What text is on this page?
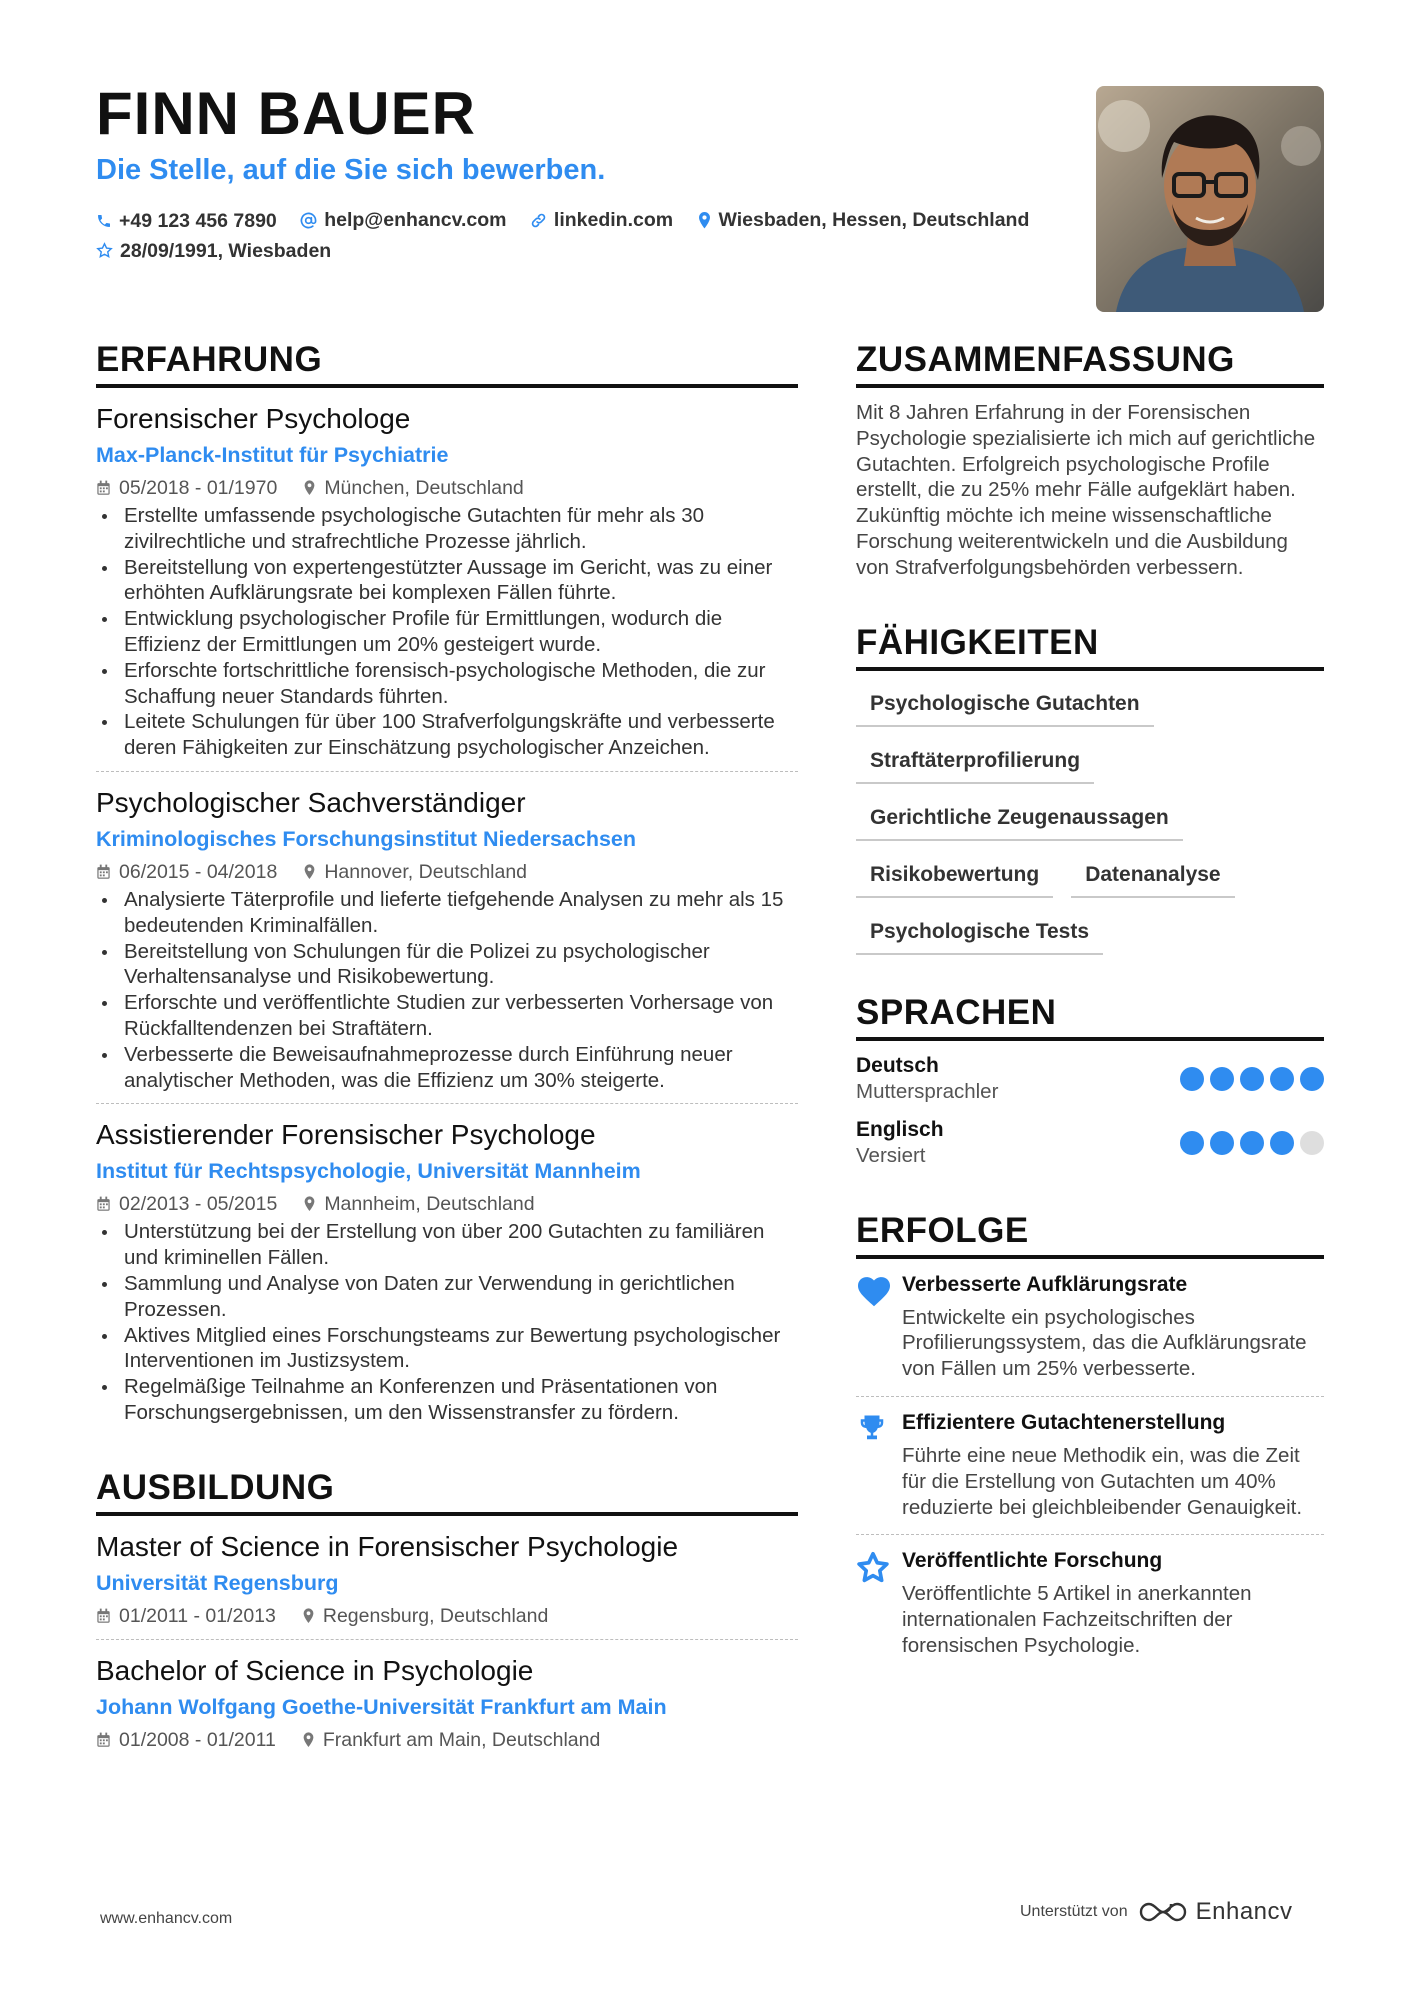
FINN BAUER
Die Stelle, auf die Sie sich bewerben.
+49 123 456 7890
help@enhancv.com
linkedin.com
Wiesbaden, Hessen, Deutschland

28/09/1991, Wiesbaden
ERFAHRUNG
Forensischer Psychologe
Max-Planck-Institut für Psychiatrie
05/2018 - 01/1970 München, Deutschland
Erstellte umfassende psychologische Gutachten für mehr als 30 zivilrechtliche und strafrechtliche Prozesse jährlich.
Bereitstellung von expertengestützter Aussage im Gericht, was zu einer erhöhten Aufklärungsrate bei komplexen Fällen führte.
Entwicklung psychologischer Profile für Ermittlungen, wodurch die Effizienz der Ermittlungen um 20% gesteigert wurde.
Erforschte fortschrittliche forensisch-psychologische Methoden, die zur Schaffung neuer Standards führten.
Leitete Schulungen für über 100 Strafverfolgungskräfte und verbesserte deren Fähigkeiten zur Einschätzung psychologischer Anzeichen.
Psychologischer Sachverständiger
Kriminologisches Forschungsinstitut Niedersachsen
06/2015 - 04/2018 Hannover, Deutschland
Analysierte Täterprofile und lieferte tiefgehende Analysen zu mehr als 15 bedeutenden Kriminalfällen.
Bereitstellung von Schulungen für die Polizei zu psychologischer Verhaltensanalyse und Risikobewertung.
Erforschte und veröffentlichte Studien zur verbesserten Vorhersage von Rückfalltendenzen bei Straftätern.
Verbesserte die Beweisaufnahmeprozesse durch Einführung neuer analytischer Methoden, was die Effizienz um 30% steigerte.
Assistierender Forensischer Psychologe
Institut für Rechtspsychologie, Universität Mannheim
02/2013 - 05/2015 Mannheim, Deutschland
Unterstützung bei der Erstellung von über 200 Gutachten zu familiären und kriminellen Fällen.
Sammlung und Analyse von Daten zur Verwendung in gerichtlichen Prozessen.
Aktives Mitglied eines Forschungsteams zur Bewertung psychologischer Interventionen im Justizsystem.
Regelmäßige Teilnahme an Konferenzen und Präsentationen von Forschungsergebnissen, um den Wissenstransfer zu fördern.
AUSBILDUNG
Master of Science in Forensischer Psychologie
Universität Regensburg
01/2011 - 01/2013 Regensburg, Deutschland
Bachelor of Science in Psychologie
Johann Wolfgang Goethe-Universität Frankfurt am Main
01/2008 - 01/2011 Frankfurt am Main, Deutschland
ZUSAMMENFASSUNG
Mit 8 Jahren Erfahrung in der Forensischen Psychologie spezialisierte ich mich auf gerichtliche Gutachten. Erfolgreich psychologische Profile erstellt, die zu 25% mehr Fälle aufgeklärt haben. Zukünftig möchte ich meine wissenschaftliche Forschung weiterentwickeln und die Ausbildung von Strafverfolgungsbehörden verbessern.
FÄHIGKEITEN
Psychologische Gutachten
Straftäterprofilierung
Gerichtliche Zeugenaussagen
Risikobewertung	Datenanalyse
Psychologische Tests
SPRACHEN
Deutsch
Muttersprachler
Englisch
Versiert
ERFOLGE
Verbesserte Aufklärungsrate
Entwickelte ein psychologisches Profilierungssystem, das die Aufklärungsrate von Fällen um 25% verbesserte.
Effizientere Gutachtenerstellung
Führte eine neue Methodik ein, was die Zeit für die Erstellung von Gutachten um 40% reduzierte bei gleichbleibender Genauigkeit.
Veröffentlichte Forschung
Veröffentlichte 5 Artikel in anerkannten internationalen Fachzeitschriften der forensischen Psychologie.
www.enhancv.com	Unterstützt von	Enhancv
